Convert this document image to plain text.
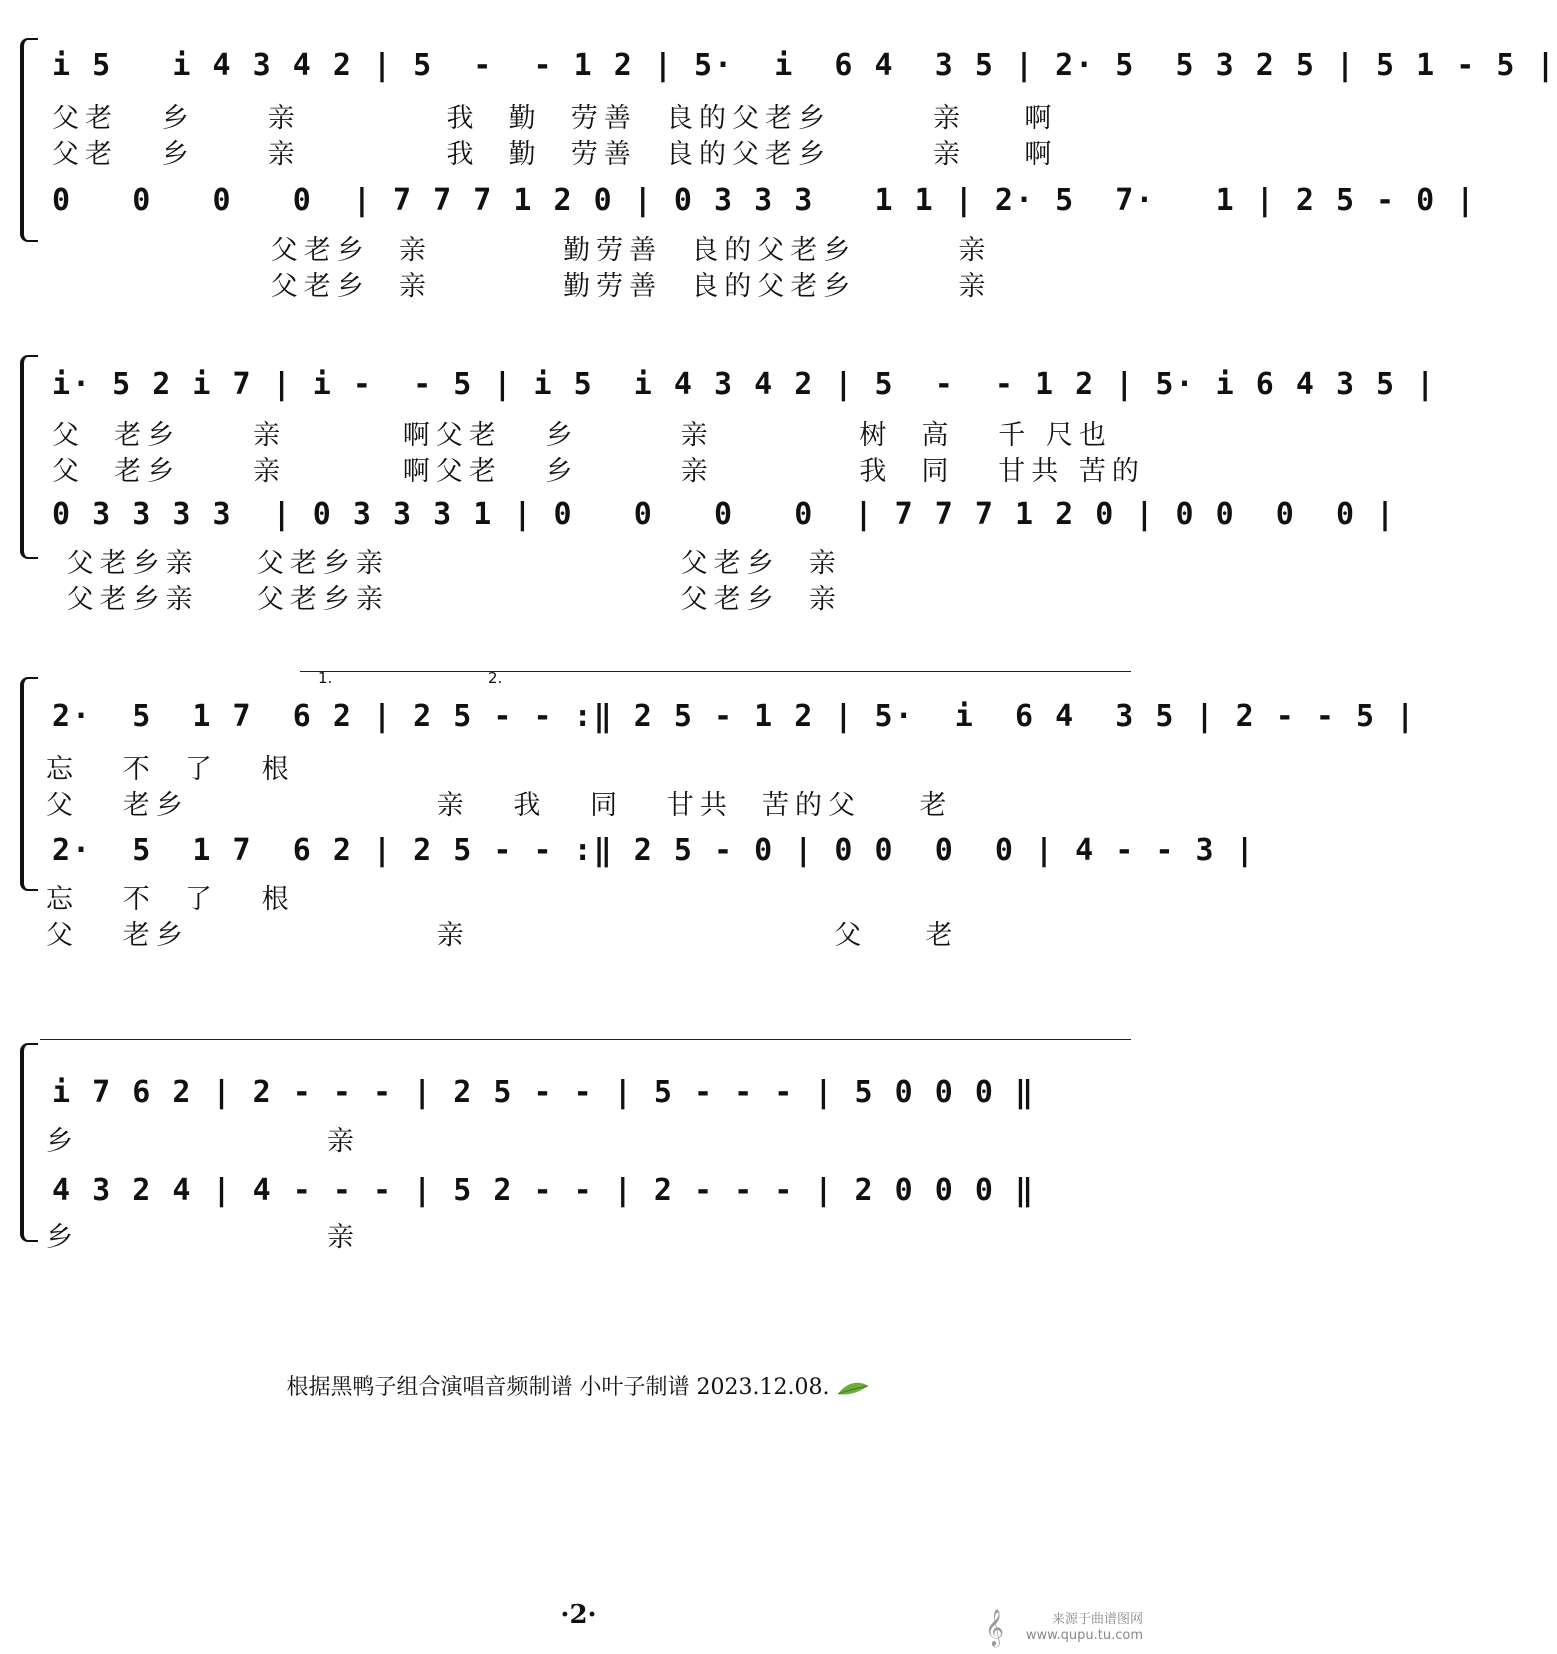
i 5   i 4 3 4 2 | 5  -  - 1 2 | 5·  i  6 4  3 5 | 2· 5  5 3 2 5 | 5 1 - 5 |
父老   乡     亲          我  勤  劳善  良的父老乡       亲    啊
父老   乡     亲          我  勤  劳善  良的父老乡       亲    啊
0   0   0   0  | 7 7 7 1 2 0 | 0 3 3 3   1 1 | 2· 5  7·   1 | 2 5 - 0 |
父老乡  亲         勤劳善  良的父老乡       亲
父老乡  亲         勤劳善  良的父老乡       亲
i· 5 2 i 7 | i -  - 5 | i 5  i 4 3 4 2 | 5  -  - 1 2 | 5· i 6 4 3 5 |
父  老乡     亲        啊父老   乡       亲          树  高   千 尺也
父  老乡     亲        啊父老   乡       亲          我  同   甘共 苦的
0 3 3 3 3  | 0 3 3 3 1 | 0   0   0   0  | 7 7 7 1 2 0 | 0 0  0  0 |
父老乡亲    父老乡亲                    父老乡  亲
父老乡亲    父老乡亲                    父老乡  亲
1.	2.
2·  5  1 7  6 2 | 2 5 - - :‖ 2 5 - 1 2 | 5·  i  6 4  3 5 | 2 - - 5 |
忘   不  了   根
父   老乡                 亲   我   同   甘共  苦的父    老
2·  5  1 7  6 2 | 2 5 - - :‖ 2 5 - 0 | 0 0  0  0 | 4 - - 3 |
忘   不  了   根
父   老乡                 亲                         父    老
i 7 6 2 | 2 - - - | 2 5 - - | 5 - - - | 5 0 0 0 ‖
乡                 亲
4 3 2 4 | 4 - - - | 5 2 - - | 2 - - - | 2 0 0 0 ‖
乡                 亲
根据黑鸭子组合演唱音频制谱 小叶子制谱 2023.12.08.
·2·	𝄞	来源于曲谱图网
www.qupu.tu.com
